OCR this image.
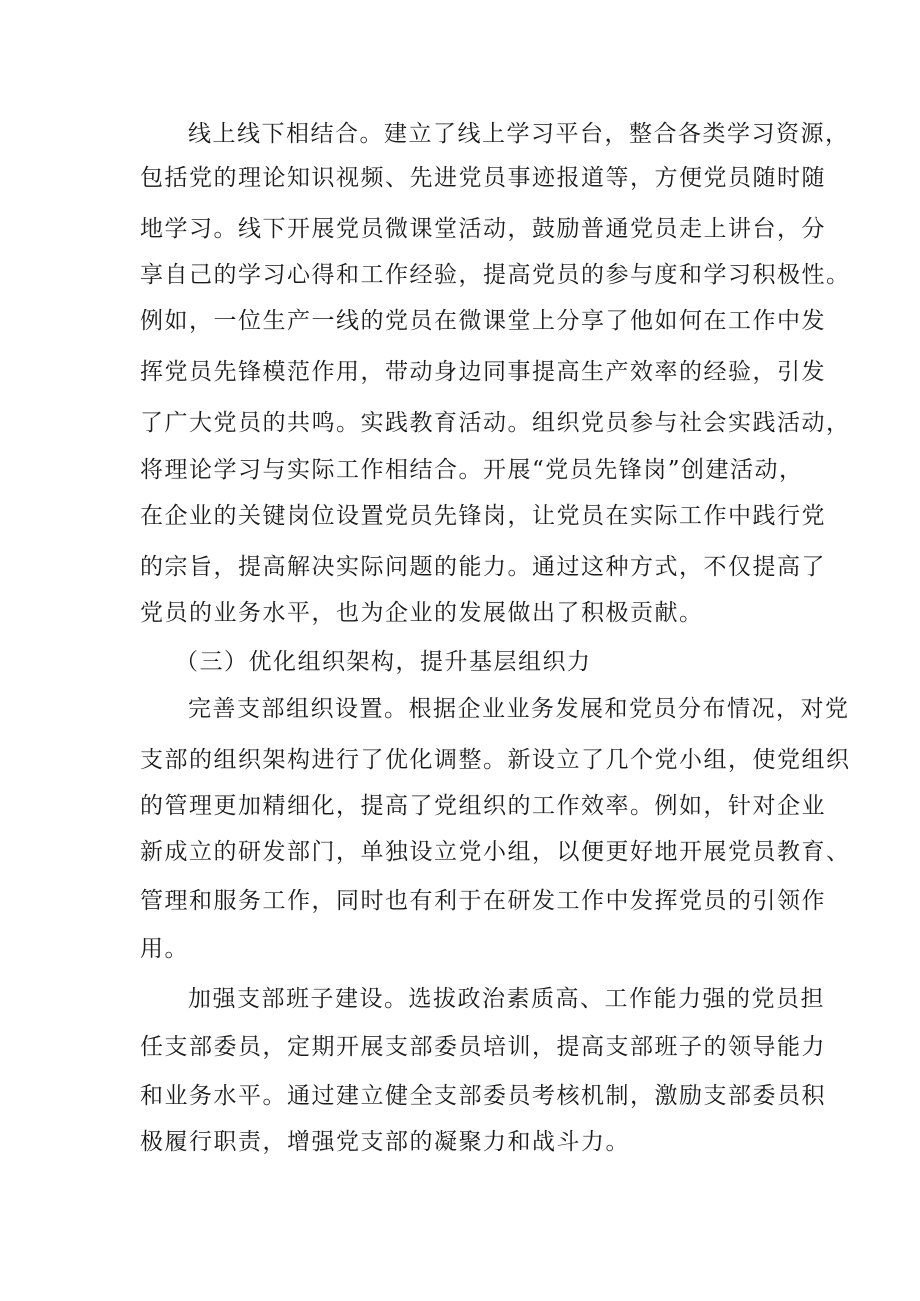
线上线下相结合。建立了线上学习平台，整合各类学习资源，
包括党的理论知识视频、先进党员事迹报道等，方便党员随时随
地学习。线下开展党员微课堂活动，鼓励普通党员走上讲台，分
享自己的学习心得和工作经验，提高党员的参与度和学习积极性。
例如，一位生产一线的党员在微课堂上分享了他如何在工作中发
挥党员先锋模范作用，带动身边同事提高生产效率的经验，引发
了广大党员的共鸣。实践教育活动。组织党员参与社会实践活动，
将理论学习与实际工作相结合。开展“党员先锋岗”创建活动，
在企业的关键岗位设置党员先锋岗，让党员在实际工作中践行党
的宗旨，提高解决实际问题的能力。通过这种方式，不仅提高了
党员的业务水平，也为企业的发展做出了积极贡献。
（三）优化组织架构，提升基层组织力
完善支部组织设置。根据企业业务发展和党员分布情况，对党
支部的组织架构进行了优化调整。新设立了几个党小组，使党组织
的管理更加精细化，提高了党组织的工作效率。例如，针对企业
新成立的研发部门，单独设立党小组，以便更好地开展党员教育、
管理和服务工作，同时也有利于在研发工作中发挥党员的引领作
用。
加强支部班子建设。选拔政治素质高、工作能力强的党员担
任支部委员，定期开展支部委员培训，提高支部班子的领导能力
和业务水平。通过建立健全支部委员考核机制，激励支部委员积
极履行职责，增强党支部的凝聚力和战斗力。
